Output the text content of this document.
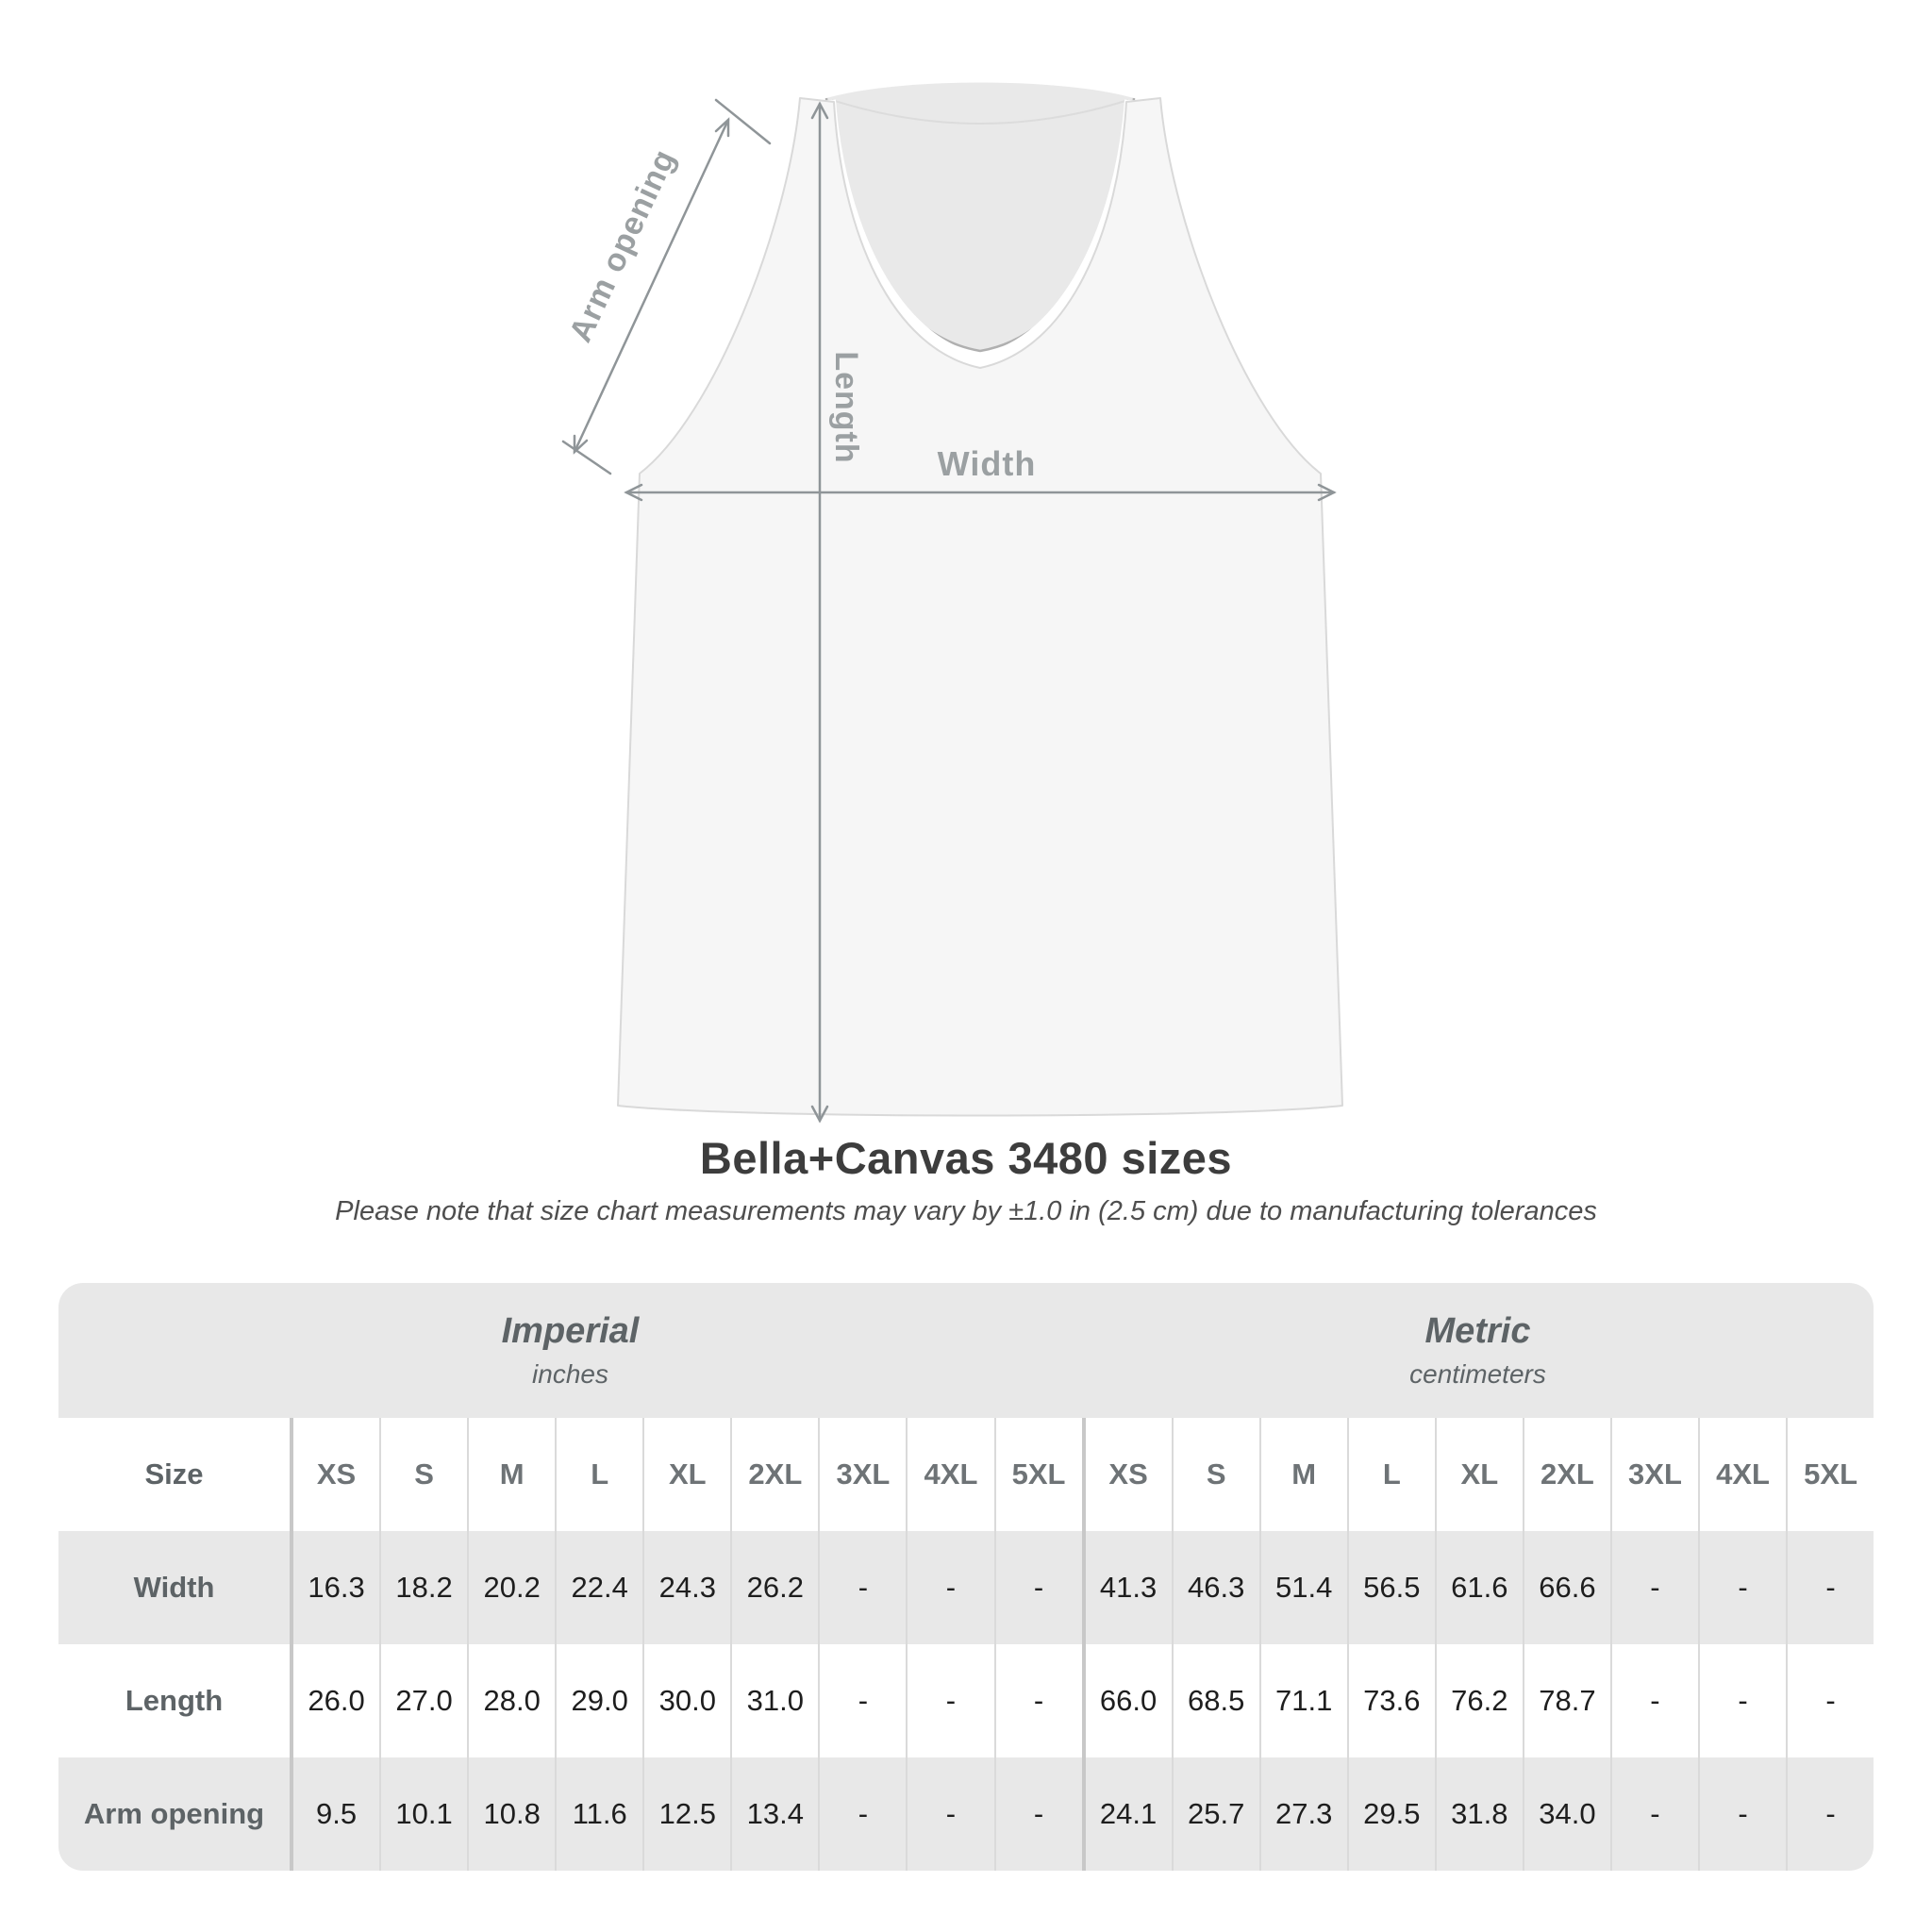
Arm opening
Length Width
Bella+Canvas 3480 sizes
Please note that size chart measurements may vary by ±1.0 in (2.5 cm) due to manufacturing tolerances
Imperial
inches
Metric
centimeters
Size	XS	S	M	L	XL	2XL	3XL	4XL	5XL	XS	S	M	L	XL	2XL	3XL	4XL	5XL
Width	16.3	18.2	20.2	22.4	24.3	26.2	-	-	-	41.3	46.3	51.4	56.5	61.6	66.6	-	-	-
Length	26.0	27.0	28.0	29.0	30.0	31.0	-	-	-	66.0	68.5	71.1	73.6	76.2	78.7	-	-	-
Arm opening	9.5	10.1	10.8	11.6	12.5	13.4	-	-	-	24.1	25.7	27.3	29.5	31.8	34.0	-	-	-
